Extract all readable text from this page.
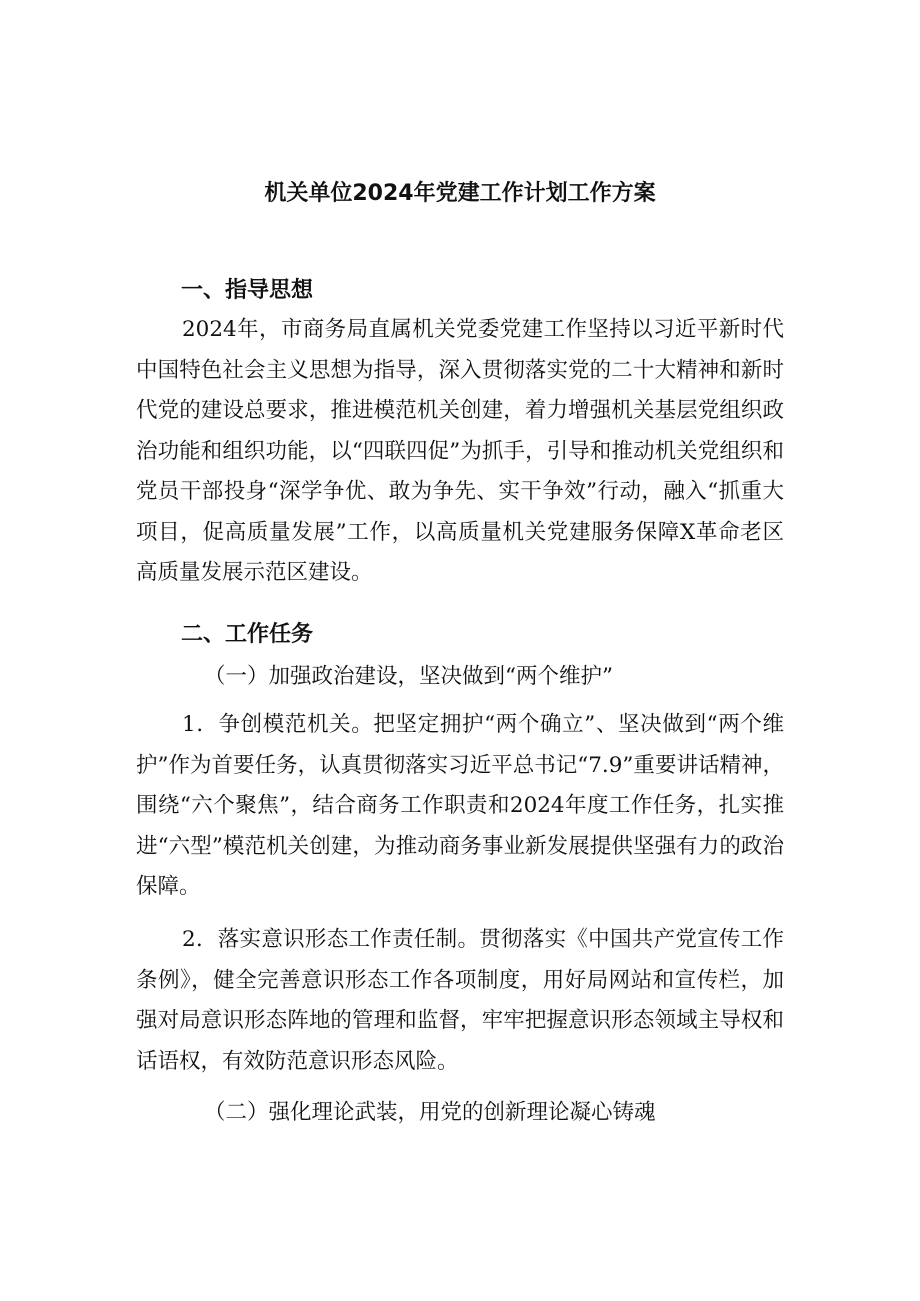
机关单位2024年党建工作计划工作方案
一、指导思想

2024年，市商务局直属机关党委党建工作坚持以习近平新时代中国特色社会主义思想为指导，深入贯彻落实党的二十大精神和新时代党的建设总要求，推进模范机关创建，着力增强机关基层党组织政治功能和组织功能，以“四联四促”为抓手，引导和推动机关党组织和党员干部投身“深学争优、敢为争先、实干争效”行动，融入“抓重大项目，促高质量发展”工作，以高质量机关党建服务保障X革命老区高质量发展示范区建设。

二、工作任务
（一）加强政治建设，坚决做到“两个维护”

1．争创模范机关。把坚定拥护“两个确立”、坚决做到“两个维护”作为首要任务，认真贯彻落实习近平总书记“7.9”重要讲话精神，围绕“六个聚焦”，结合商务工作职责和2024年度工作任务，扎实推进“六型”模范机关创建，为推动商务事业新发展提供坚强有力的政治保障。

2．落实意识形态工作责任制。贯彻落实《中国共产党宣传工作条例》，健全完善意识形态工作各项制度，用好局网站和宣传栏，加强对局意识形态阵地的管理和监督，牢牢把握意识形态领域主导权和话语权，有效防范意识形态风险。

（二）强化理论武装，用党的创新理论凝心铸魂
